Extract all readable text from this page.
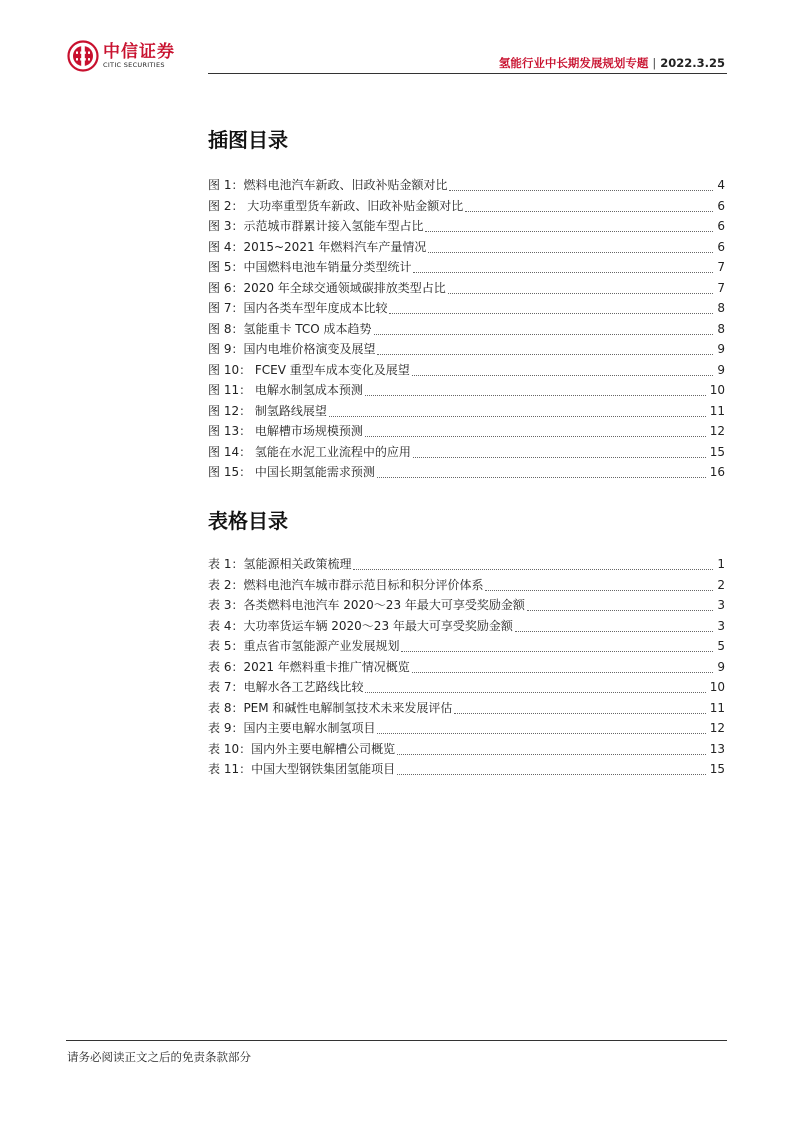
中信证券
CITIC SECURITIES	氢能行业中长期发展规划专题 | 2022.3.25
插图目录
图 1：燃料电池汽车新政、旧政补贴金额对比	4
图 2： 大功率重型货车新政、旧政补贴金额对比	6
图 3：示范城市群累计接入氢能车型占比	6
图 4：2015~2021 年燃料汽车产量情况	6
图 5：中国燃料电池车销量分类型统计	7
图 6：2020 年全球交通领域碳排放类型占比	7
图 7：国内各类车型年度成本比较	8
图 8：氢能重卡 TCO 成本趋势	8
图 9：国内电堆价格演变及展望	9
图 10： FCEV 重型车成本变化及展望	9
图 11： 电解水制氢成本预测	10
图 12： 制氢路线展望	11
图 13： 电解槽市场规模预测	12
图 14： 氢能在水泥工业流程中的应用	15
图 15： 中国长期氢能需求预测	16
表格目录
表 1：氢能源相关政策梳理	1
表 2：燃料电池汽车城市群示范目标和积分评价体系	2
表 3：各类燃料电池汽车 2020～23 年最大可享受奖励金额	3
表 4：大功率货运车辆 2020～23 年最大可享受奖励金额	3
表 5：重点省市氢能源产业发展规划	5
表 6：2021 年燃料重卡推广情况概览	9
表 7：电解水各工艺路线比较	10
表 8：PEM 和碱性电解制氢技术未来发展评估	11
表 9：国内主要电解水制氢项目	12
表 10：国内外主要电解槽公司概览	13
表 11：中国大型钢铁集团氢能项目	15
请务必阅读正文之后的免责条款部分
